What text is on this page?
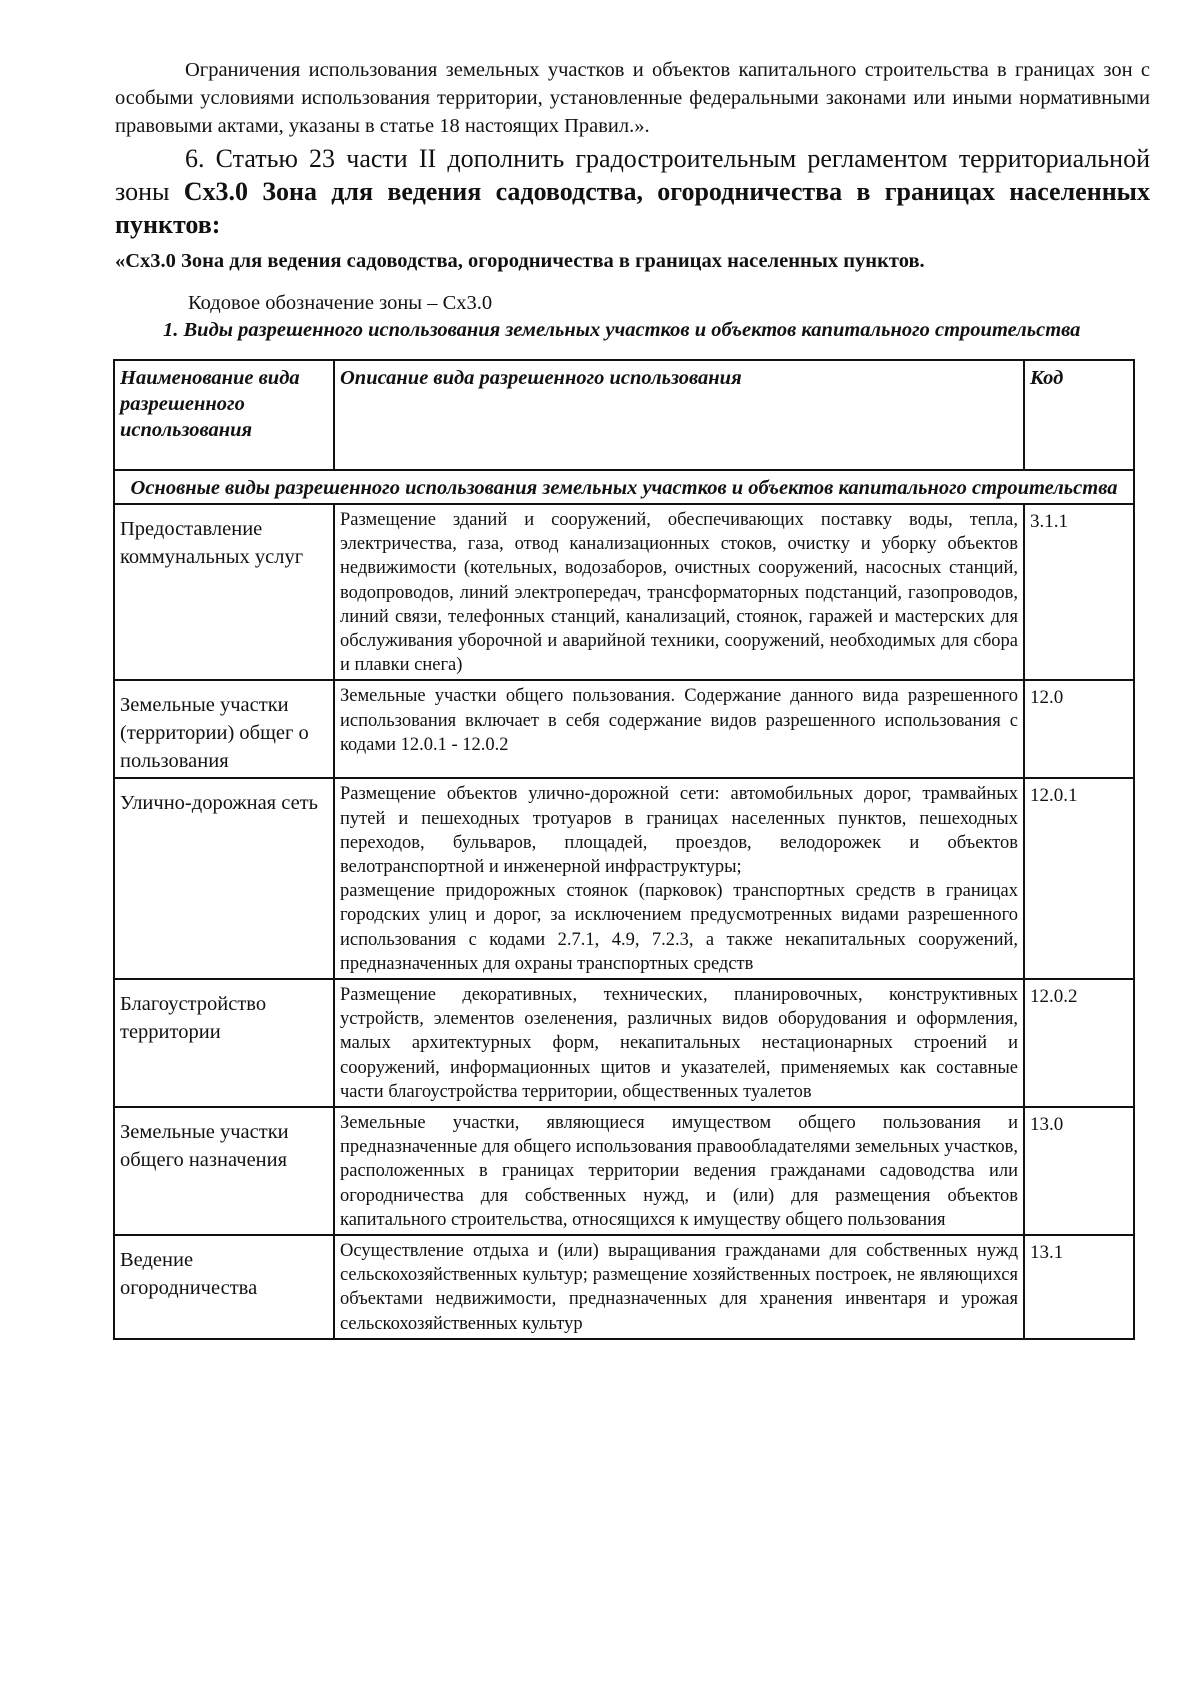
Ограничения использования земельных участков и объектов капитального строительства в границах зон с особыми условиями использования территории, установленные федеральными законами или иными нормативными правовыми актами, указаны в статье 18 настоящих Правил.».

6. Статью 23 части II дополнить градостроительным регламентом территориальной зоны Сх3.0 Зона для ведения садоводства, огородничества в границах населенных пунктов:

«Сх3.0 Зона для ведения садоводства, огородничества в границах населенных пунктов.

Кодовое обозначение зоны – Сх3.0

1. Виды разрешенного использования земельных участков и объектов капитального строительства

Наименование вида разрешенного использования	Описание вида разрешенного использования	Код
Основные виды разрешенного использования земельных участков и объектов капитального строительства		
Предоставление коммунальных услуг	Размещение зданий и сооружений, обеспечивающих поставку воды, тепла, электричества, газа, отвод канализационных стоков, очистку и уборку объектов недвижимости (котельных, водозаборов, очистных сооружений, насосных станций, водопроводов, линий электропередач, трансформаторных подстанций, газопроводов, линий связи, телефонных станций, канализаций, стоянок, гаражей и мастерских для обслуживания уборочной и аварийной техники, сооружений, необходимых для сбора и плавки снега)	3.1.1
Земельные участки (территории) общег о пользования	Земельные участки общего пользования. Содержание данного вида разрешенного использования включает в себя содержание видов разрешенного использования с кодами 12.0.1 - 12.0.2	12.0
Улично-дорожная сеть	Размещение объектов улично-дорожной сети: автомобильных дорог, трамвайных путей и пешеходных тротуаров в границах населенных пунктов, пешеходных переходов, бульваров, площадей, проездов, велодорожек и объектов велотранспортной и инженерной инфраструктуры;
размещение придорожных стоянок (парковок) транспортных средств в границах городских улиц и дорог, за исключением предусмотренных видами разрешенного использования с кодами 2.7.1, 4.9, 7.2.3, а также некапитальных сооружений, предназначенных для охраны транспортных средств	12.0.1
Благоустройство территории	Размещение декоративных, технических, планировочных, конструктивных устройств, элементов озеленения, различных видов оборудования и оформления, малых архитектурных форм, некапитальных нестационарных строений и сооружений, информационных щитов и указателей, применяемых как составные части благоустройства территории, общественных туалетов	12.0.2
Земельные участки общего назначения	Земельные участки, являющиеся имуществом общего пользования и предназначенные для общего использования правообладателями земельных участков, расположенных в границах территории ведения гражданами садоводства или огородничества для собственных нужд, и (или) для размещения объектов капитального строительства, относящихся к имуществу общего пользования	13.0
Ведение огородничества	Осуществление отдыха и (или) выращивания гражданами для собственных нужд сельскохозяйственных культур; размещение хозяйственных построек, не являющихся объектами недвижимости, предназначенных для хранения инвентаря и урожая сельскохозяйственных культур	13.1
